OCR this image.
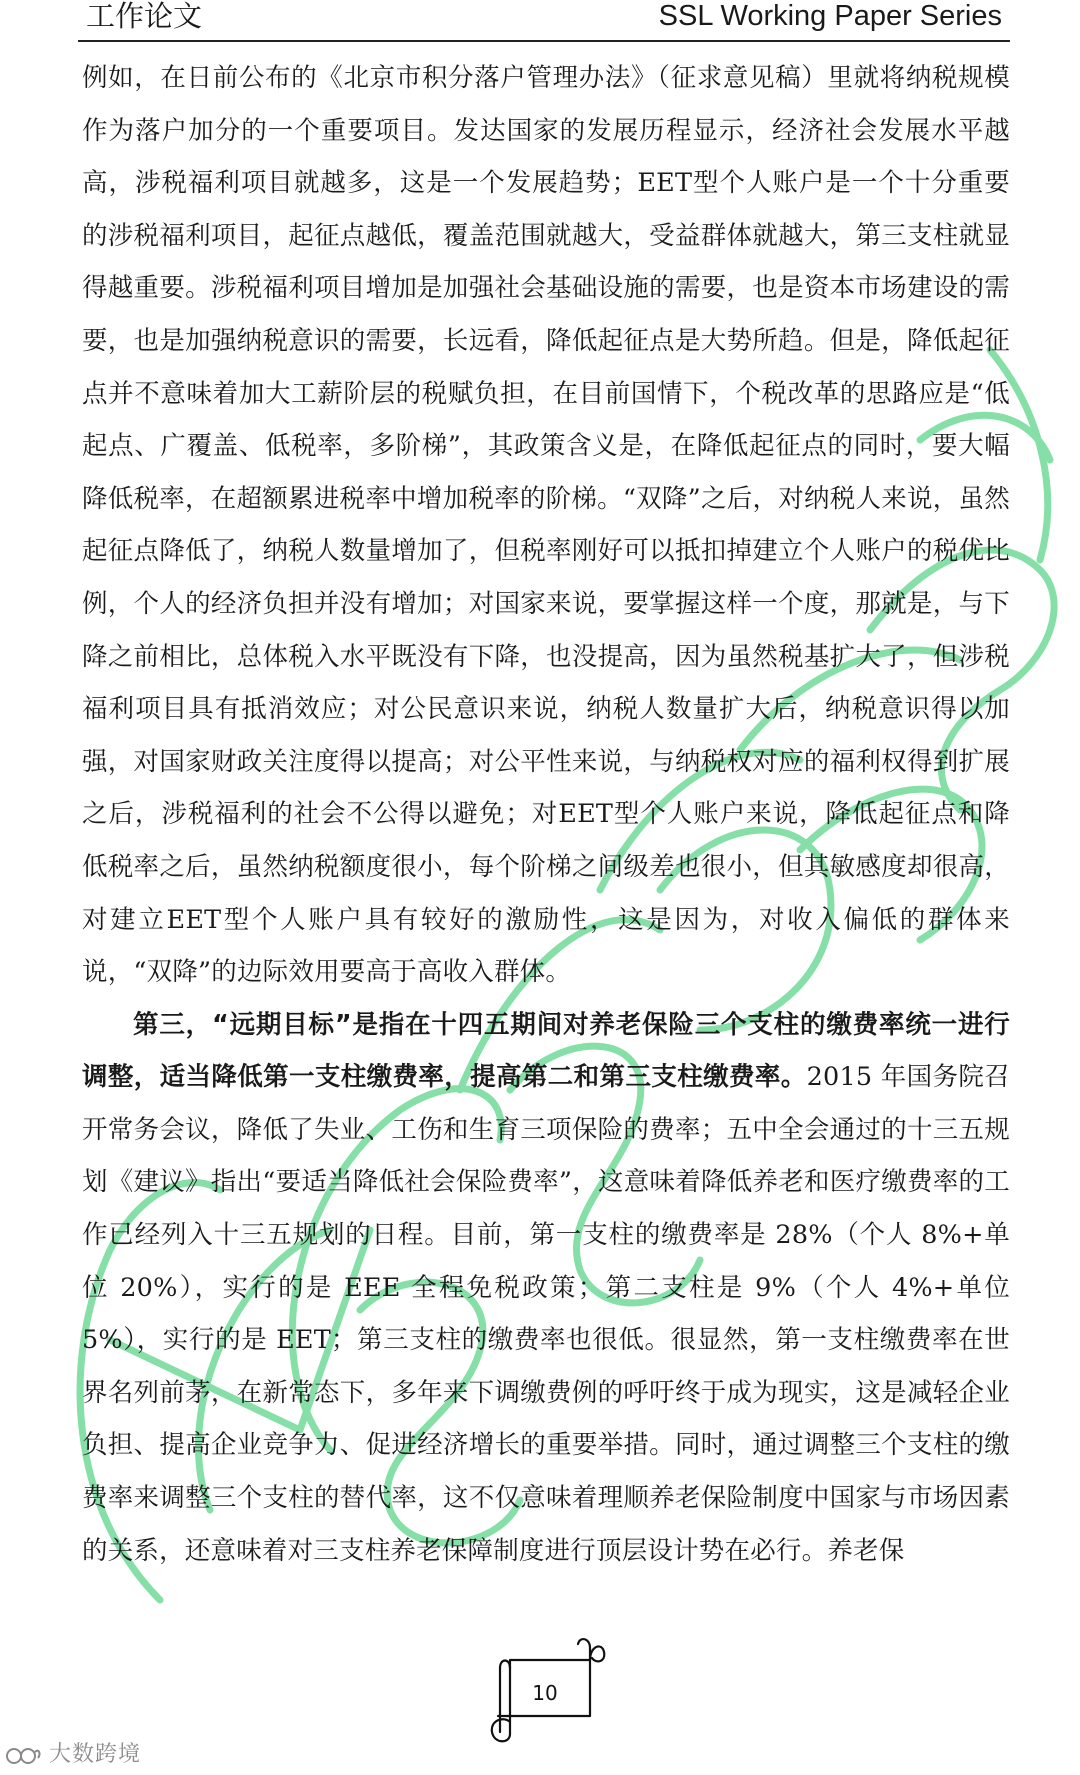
工作论文	SSL Working Paper Series

例如，在日前公布的《北京市积分落户管理办法》（征求意见稿）里就将纳税规模作为落户加分的一个重要项目。发达国家的发展历程显示，经济社会发展水平越高，涉税福利项目就越多，这是一个发展趋势；EET型个人账户是一个十分重要的涉税福利项目，起征点越低，覆盖范围就越大，受益群体就越大，第三支柱就显得越重要。涉税福利项目增加是加强社会基础设施的需要，也是资本市场建设的需要，也是加强纳税意识的需要，长远看，降低起征点是大势所趋。但是，降低起征点并不意味着加大工薪阶层的税赋负担，在目前国情下，个税改革的思路应是“低起点、广覆盖、低税率，多阶梯”，其政策含义是，在降低起征点的同时，要大幅降低税率，在超额累进税率中增加税率的阶梯。“双降”之后，对纳税人来说，虽然起征点降低了，纳税人数量增加了，但税率刚好可以抵扣掉建立个人账户的税优比例，个人的经济负担并没有增加；对国家来说，要掌握这样一个度，那就是，与下降之前相比，总体税入水平既没有下降，也没提高，因为虽然税基扩大了，但涉税福利项目具有抵消效应；对公民意识来说，纳税人数量扩大后，纳税意识得以加强，对国家财政关注度得以提高；对公平性来说，与纳税权对应的福利权得到扩展之后，涉税福利的社会不公得以避免；对EET型个人账户来说，降低起征点和降低税率之后，虽然纳税额度很小，每个阶梯之间级差也很小，但其敏感度却很高，对建立EET型个人账户具有较好的激励性，这是因为，对收入偏低的群体来说，“双降”的边际效用要高于高收入群体。

第三，“远期目标”是指在十四五期间对养老保险三个支柱的缴费率统一进行调整，适当降低第一支柱缴费率，提高第二和第三支柱缴费率。2015 年国务院召开常务会议，降低了失业、工伤和生育三项保险的费率；五中全会通过的十三五规划《建议》指出“要适当降低社会保险费率”，这意味着降低养老和医疗缴费率的工作已经列入十三五规划的日程。目前，第一支柱的缴费率是 28%（个人 8%+单位 20%），实行的是 EEE 全程免税政策；第二支柱是 9%（个人 4%+单位 5%），实行的是 EET；第三支柱的缴费率也很低。很显然，第一支柱缴费率在世界名列前茅，在新常态下，多年来下调缴费例的呼吁终于成为现实，这是减轻企业负担、提高企业竞争力、促进经济增长的重要举措。同时，通过调整三个支柱的缴费率来调整三个支柱的替代率，这不仅意味着理顺养老保险制度中国家与市场因素的关系，还意味着对三支柱养老保障制度进行顶层设计势在必行。养老保

10
大数跨境
